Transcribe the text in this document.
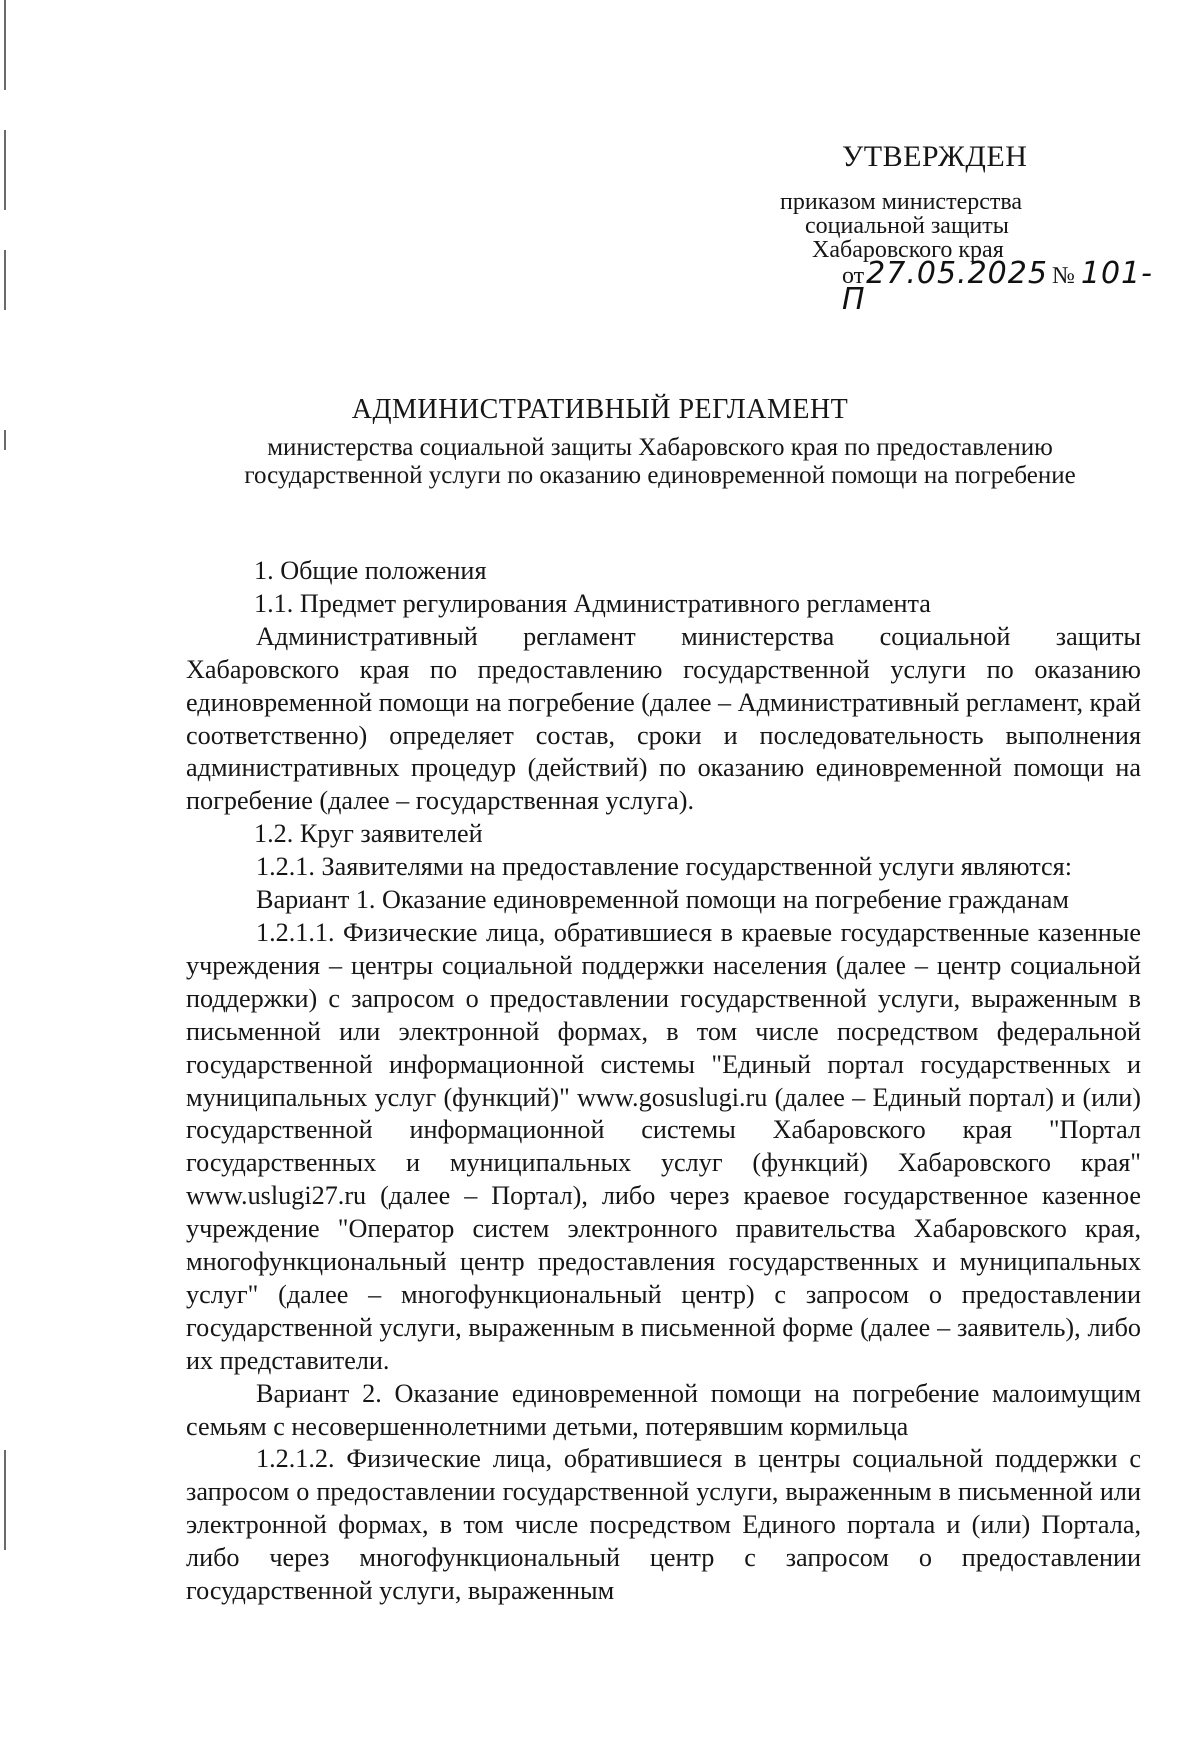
УТВЕРЖДЕН
приказом министерства
социальной защиты
Хабаровского края
от27.05.2025 № 101-П
АДМИНИСТРАТИВНЫЙ РЕГЛАМЕНТ
министерства социальной защиты Хабаровского края по предоставлению государственной услуги по оказанию единовременной помощи на погребение

1. Общие положения

1.1. Предмет регулирования Административного регламента

Административный регламент министерства социальной защиты Хабаровского края по предоставлению государственной услуги по оказанию единовременной помощи на погребение (далее – Административный регламент, край соответственно) определяет состав, сроки и последовательность выполнения административных процедур (действий) по оказанию единовременной помощи на погребение (далее – государственная услуга).

1.2. Круг заявителей

1.2.1. Заявителями на предоставление государственной услуги являются:

Вариант 1. Оказание единовременной помощи на погребение гражданам

1.2.1.1. Физические лица, обратившиеся в краевые государственные казенные учреждения – центры социальной поддержки населения (далее – центр социальной поддержки) с запросом о предоставлении государственной услуги, выраженным в письменной или электронной формах, в том числе посредством федеральной государственной информационной системы "Единый портал государственных и муниципальных услуг (функций)" www.gosuslugi.ru (далее – Единый портал) и (или) государственной информационной системы Хабаровского края "Портал государственных и муниципальных услуг (функций) Хабаровского края" www.uslugi27.ru (далее – Портал), либо через краевое государственное казенное учреждение "Оператор систем электронного правительства Хабаровского края, многофункциональный центр предоставления государственных и муниципальных услуг" (далее – многофункциональный центр) с запросом о предоставлении государственной услуги, выраженным в письменной форме (далее – заявитель), либо их представители.

Вариант 2. Оказание единовременной помощи на погребение малоимущим семьям с несовершеннолетними детьми, потерявшим кормильца

1.2.1.2. Физические лица, обратившиеся в центры социальной поддержки с запросом о предоставлении государственной услуги, выраженным в письменной или электронной формах, в том числе посредством Единого портала и (или) Портала, либо через многофункциональный центр с запросом о предоставлении государственной услуги, выраженным
